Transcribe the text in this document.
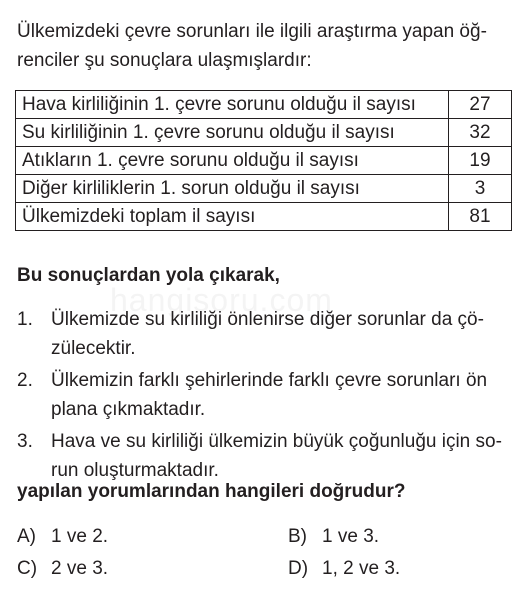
Ülkemizdeki çevre sorunları ile ilgili araştırma yapan öğ-renciler şu sonuçlara ulaşmışlardır:

Hava kirliliğinin 1. çevre sorunu olduğu il sayısı	27
Su kirliliğinin 1. çevre sorunu olduğu il sayısı	32
Atıkların 1. çevre sorunu olduğu il sayısı	19
Diğer kirliliklerin 1. sorun olduğu il sayısı	3
Ülkemizdeki toplam il sayısı	81
hangisoru.com

Bu sonuçlardan yola çıkarak,

1. Ülkemizde su kirliliği önlenirse diğer sorunlar da çö-zülecektir.
2. Ülkemizin farklı şehirlerinde farklı çevre sorunları ön plana çıkmaktadır.
3. Hava ve su kirliliği ülkemizin büyük çoğunluğu için so-run oluşturmaktadır.

yapılan yorumlarından hangileri doğrudur?

A) 1 ve 2.	B) 1 ve 3.
C) 2 ve 3.	D) 1, 2 ve 3.
